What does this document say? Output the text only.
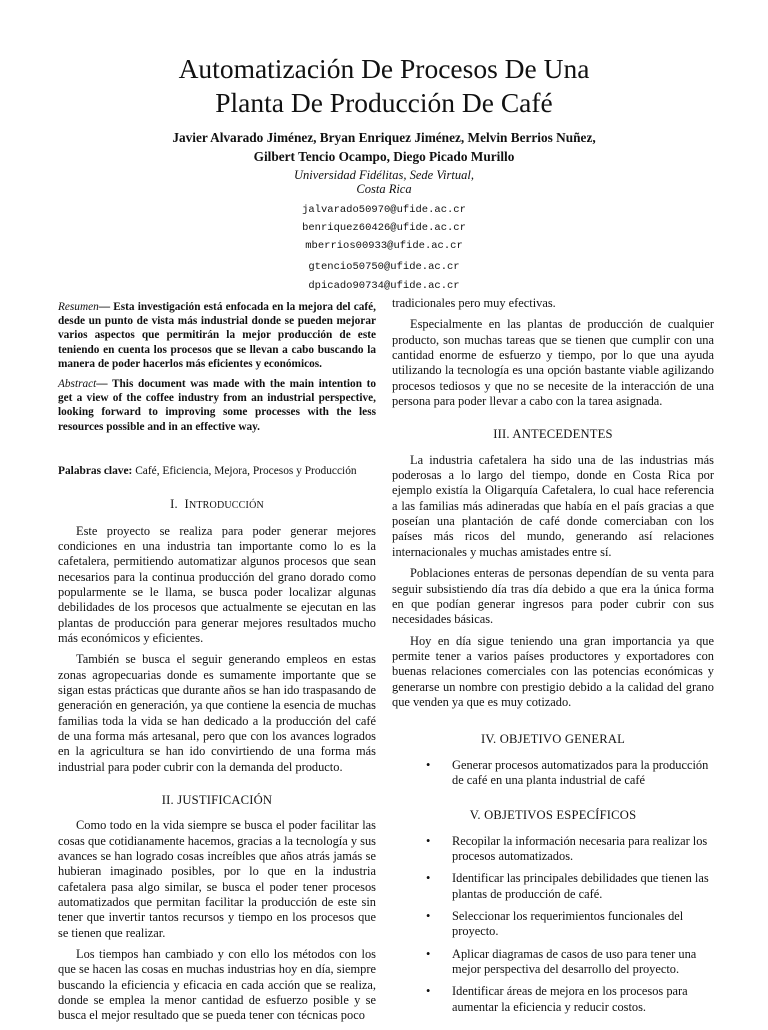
Automatización De Procesos De Una
Planta De Producción De Café

Javier Alvarado Jiménez, Bryan Enriquez Jiménez, Melvin Berrios Nuñez,
Gilbert Tencio Ocampo, Diego Picado Murillo

Universidad Fidélitas, Sede Virtual,
Costa Rica
jalvarado50970@ufide.ac.cr
benriquez60426@ufide.ac.cr
mberrios00933@ufide.ac.cr
gtencio50750@ufide.ac.cr
dpicado90734@ufide.ac.cr

Resumen— Esta investigación está enfocada en la mejora del café, desde un punto de vista más industrial donde se pueden mejorar varios aspectos que permitirán la mejor producción de este teniendo en cuenta los procesos que se llevan a cabo buscando la manera de poder hacerlos más eficientes y económicos.

Abstract— This document was made with the main intention to get a view of the coffee industry from an industrial perspective, looking forward to improving some processes with the less resources possible and in an effective way.

Palabras clave: Café, Eficiencia, Mejora, Procesos y Producción

I. INTRODUCCIÓN

Este proyecto se realiza para poder generar mejores condiciones en una industria tan importante como lo es la cafetalera, permitiendo automatizar algunos procesos que sean necesarios para la continua producción del grano dorado como popularmente se le llama, se busca poder localizar algunas debilidades de los procesos que actualmente se ejecutan en las plantas de producción para generar mejores resultados mucho más económicos y eficientes.

También se busca el seguir generando empleos en estas zonas agropecuarias donde es sumamente importante que se sigan estas prácticas que durante años se han ido traspasando de generación en generación, ya que contiene la esencia de muchas familias toda la vida se han dedicado a la producción del café de una forma más artesanal, pero que con los avances logrados en la agricultura se han ido convirtiendo de una forma más industrial para poder cubrir con la demanda del producto.

II. JUSTIFICACIÓN

Como todo en la vida siempre se busca el poder facilitar las cosas que cotidianamente hacemos, gracias a la tecnología y sus avances se han logrado cosas increíbles que años atrás jamás se hubieran imaginado posibles, por lo que en la industria cafetalera pasa algo similar, se busca el poder tener procesos automatizados que permitan facilitar la producción de este sin tener que invertir tantos recursos y tiempo en los procesos que se tienen que realizar.

Los tiempos han cambiado y con ello los métodos con los que se hacen las cosas en muchas industrias hoy en día, siempre buscando la eficiencia y eficacia en cada acción que se realiza, donde se emplea la menor cantidad de esfuerzo posible y se busca el mejor resultado que se pueda tener con técnicas poco

tradicionales pero muy efectivas.

Especialmente en las plantas de producción de cualquier producto, son muchas tareas que se tienen que cumplir con una cantidad enorme de esfuerzo y tiempo, por lo que una ayuda utilizando la tecnología es una opción bastante viable agilizando procesos tediosos y que no se necesite de la interacción de una persona para poder llevar a cabo con la tarea asignada.

III. ANTECEDENTES

La industria cafetalera ha sido una de las industrias más poderosas a lo largo del tiempo, donde en Costa Rica por ejemplo existía la Oligarquía Cafetalera, lo cual hace referencia a las familias más adineradas que había en el país gracias a que poseían una plantación de café donde comerciaban con los países más ricos del mundo, generando así relaciones internacionales y muchas amistades entre sí.

Poblaciones enteras de personas dependían de su venta para seguir subsistiendo día tras día debido a que era la única forma en que podían generar ingresos para poder cubrir con sus necesidades básicas.

Hoy en día sigue teniendo una gran importancia ya que permite tener a varios países productores y exportadores con buenas relaciones comerciales con las potencias económicas y generarse un nombre con prestigio debido a la calidad del grano que venden ya que es muy cotizado.

IV. OBJETIVO GENERAL
• Generar procesos automatizados para la producción de café en una planta industrial de café
V. OBJETIVOS ESPECÍFICOS
• Recopilar la información necesaria para realizar los procesos automatizados.
• Identificar las principales debilidades que tienen las plantas de producción de café.
• Seleccionar los requerimientos funcionales del proyecto.
• Aplicar diagramas de casos de uso para tener una mejor perspectiva del desarrollo del proyecto.
• Identificar áreas de mejora en los procesos para aumentar la eficiencia y reducir costos.
